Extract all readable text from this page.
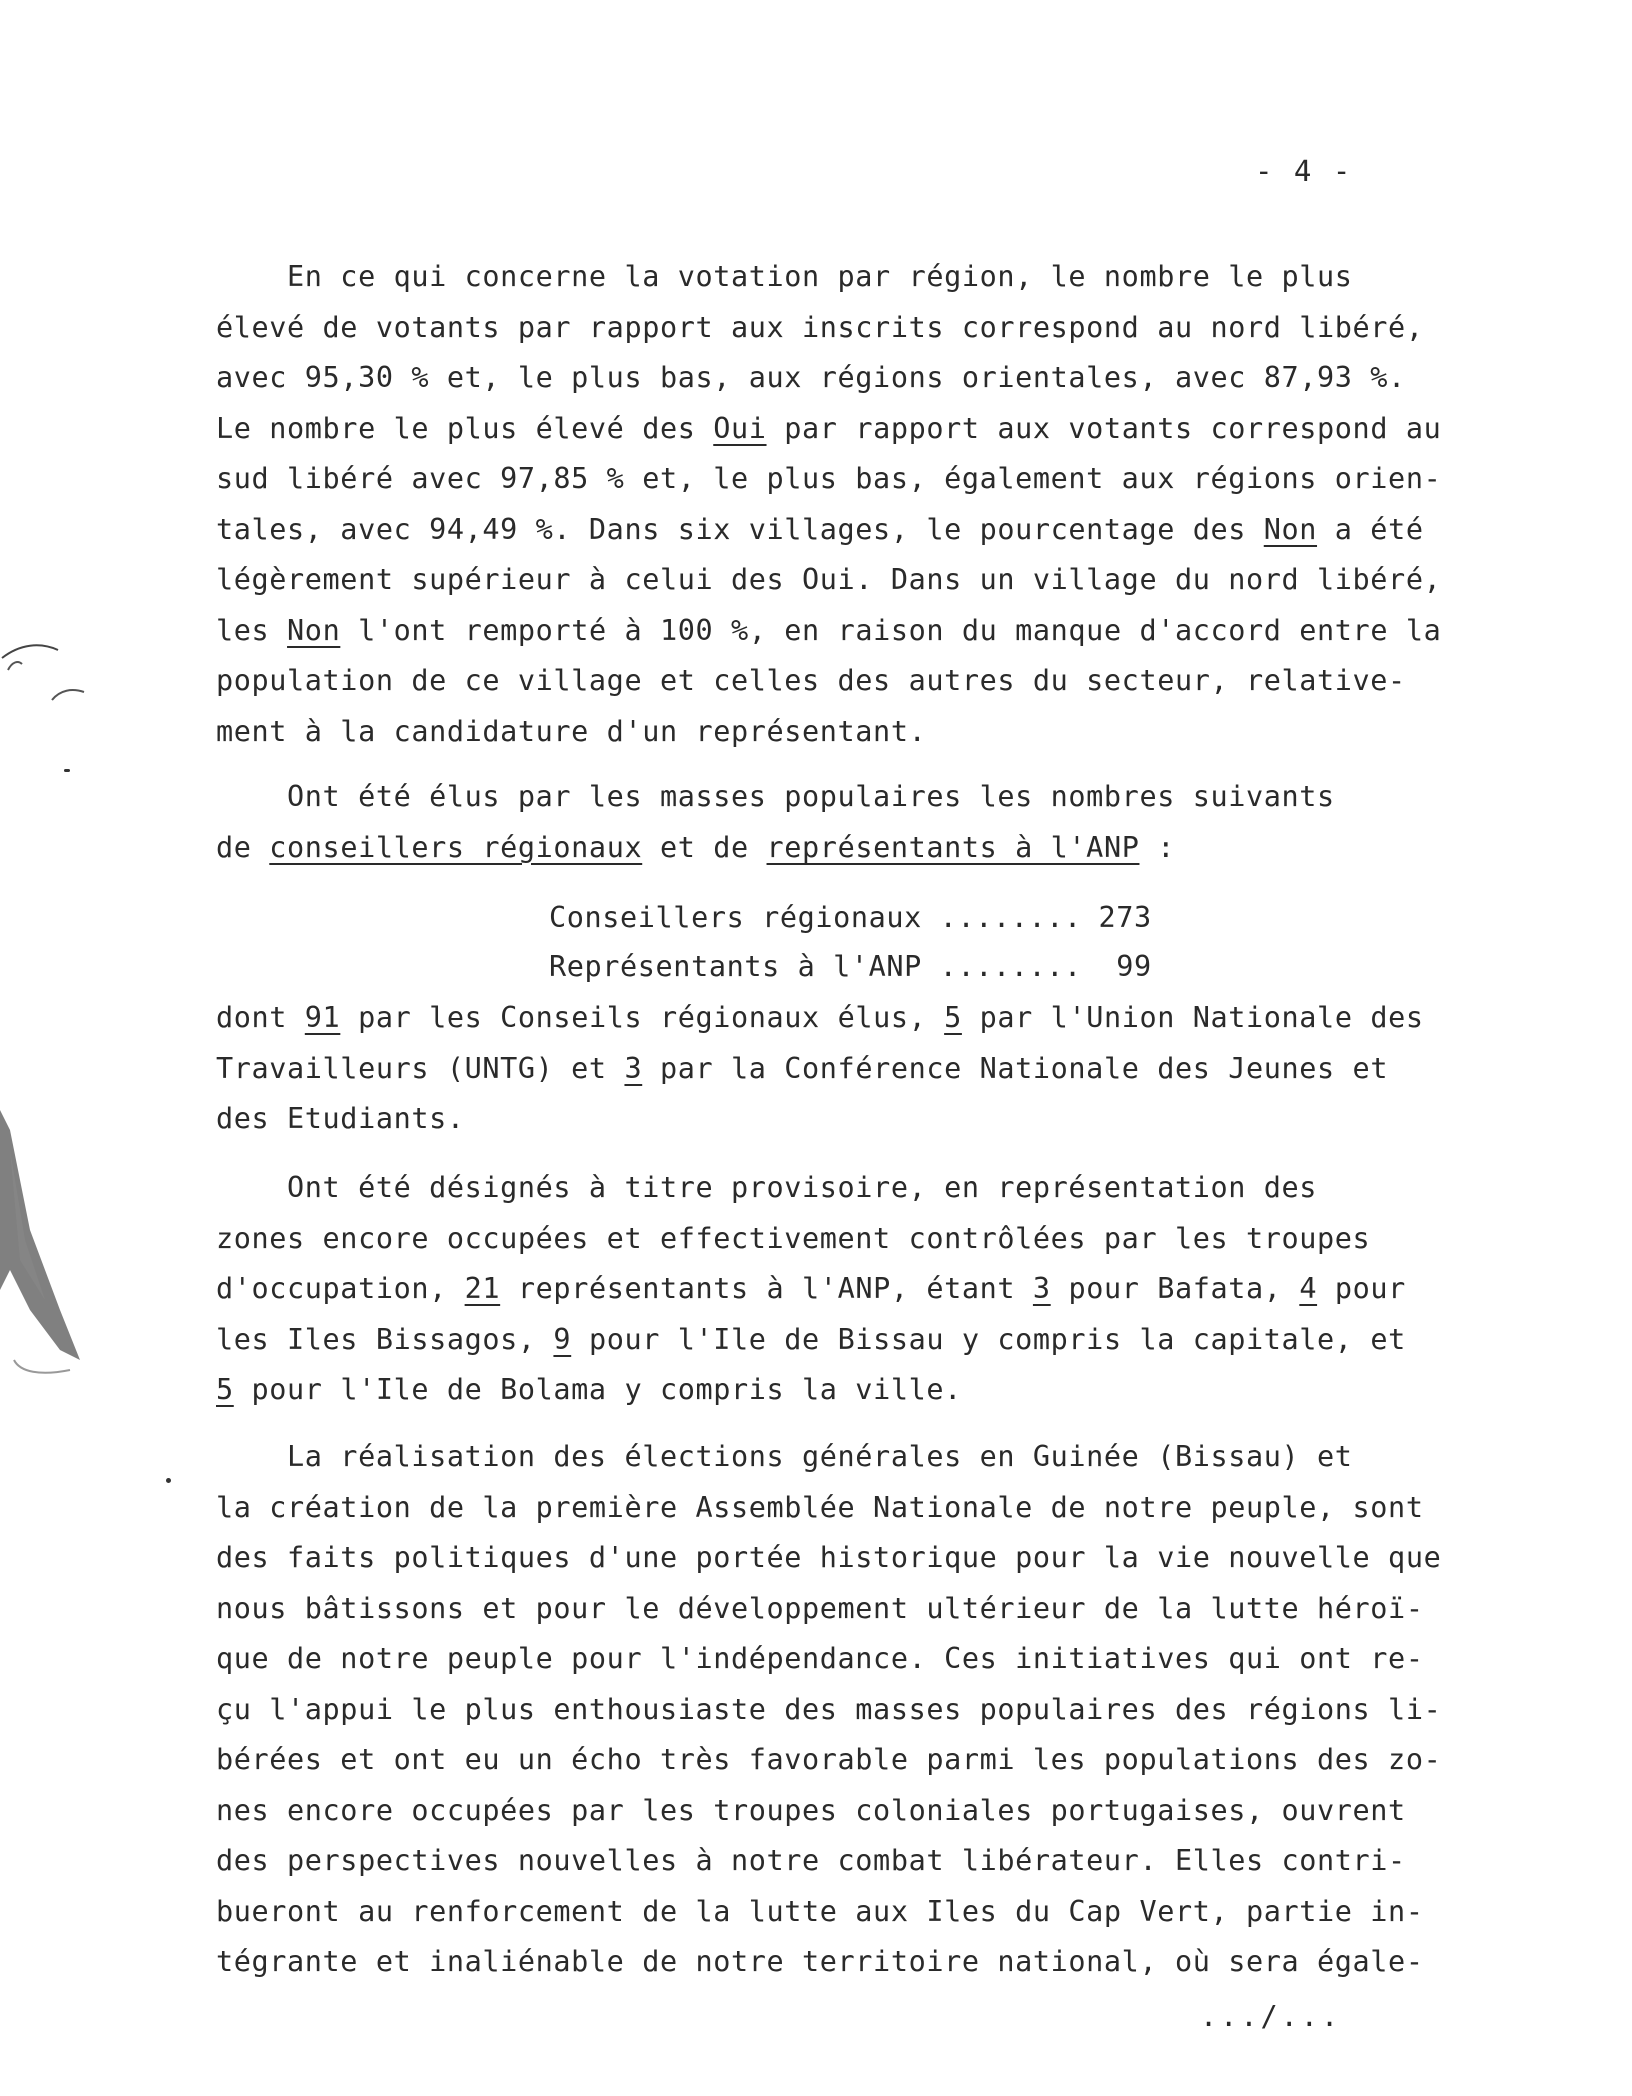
- 4 -

En ce qui concerne la votation par région, le nombre le plus
élevé de votants par rapport aux inscrits correspond au nord libéré,
avec 95,30 % et, le plus bas, aux régions orientales, avec 87,93 %.
Le nombre le plus élevé des Oui par rapport aux votants correspond au
sud libéré avec 97,85 % et, le plus bas, également aux régions orien-
tales, avec 94,49 %. Dans six villages, le pourcentage des Non a été
légèrement supérieur à celui des Oui. Dans un village du nord libéré,
les Non l'ont remporté à 100 %, en raison du manque d'accord entre la
population de ce village et celles des autres du secteur, relative-
ment à la candidature d'un représentant.

Ont été élus par les masses populaires les nombres suivants
de conseillers régionaux et de représentants à l'ANP :

Conseillers régionaux ........ 273
Représentants à l'ANP ........ 99

dont 91 par les Conseils régionaux élus, 5 par l'Union Nationale des
Travailleurs (UNTG) et 3 par la Conférence Nationale des Jeunes et
des Etudiants.

Ont été désignés à titre provisoire, en représentation des
zones encore occupées et effectivement contrôlées par les troupes
d'occupation, 21 représentants à l'ANP, étant 3 pour Bafata, 4 pour
les Iles Bissagos, 9 pour l'Ile de Bissau y compris la capitale, et
5 pour l'Ile de Bolama y compris la ville.

La réalisation des élections générales en Guinée (Bissau) et
la création de la première Assemblée Nationale de notre peuple, sont
des faits politiques d'une portée historique pour la vie nouvelle que
nous bâtissons et pour le développement ultérieur de la lutte héroï-
que de notre peuple pour l'indépendance. Ces initiatives qui ont re-
çu l'appui le plus enthousiaste des masses populaires des régions li-
bérées et ont eu un écho très favorable parmi les populations des zo-
nes encore occupées par les troupes coloniales portugaises, ouvrent
des perspectives nouvelles à notre combat libérateur. Elles contri-
bueront au renforcement de la lutte aux Iles du Cap Vert, partie in-
tégrante et inaliénable de notre territoire national, où sera égale-

.../...
